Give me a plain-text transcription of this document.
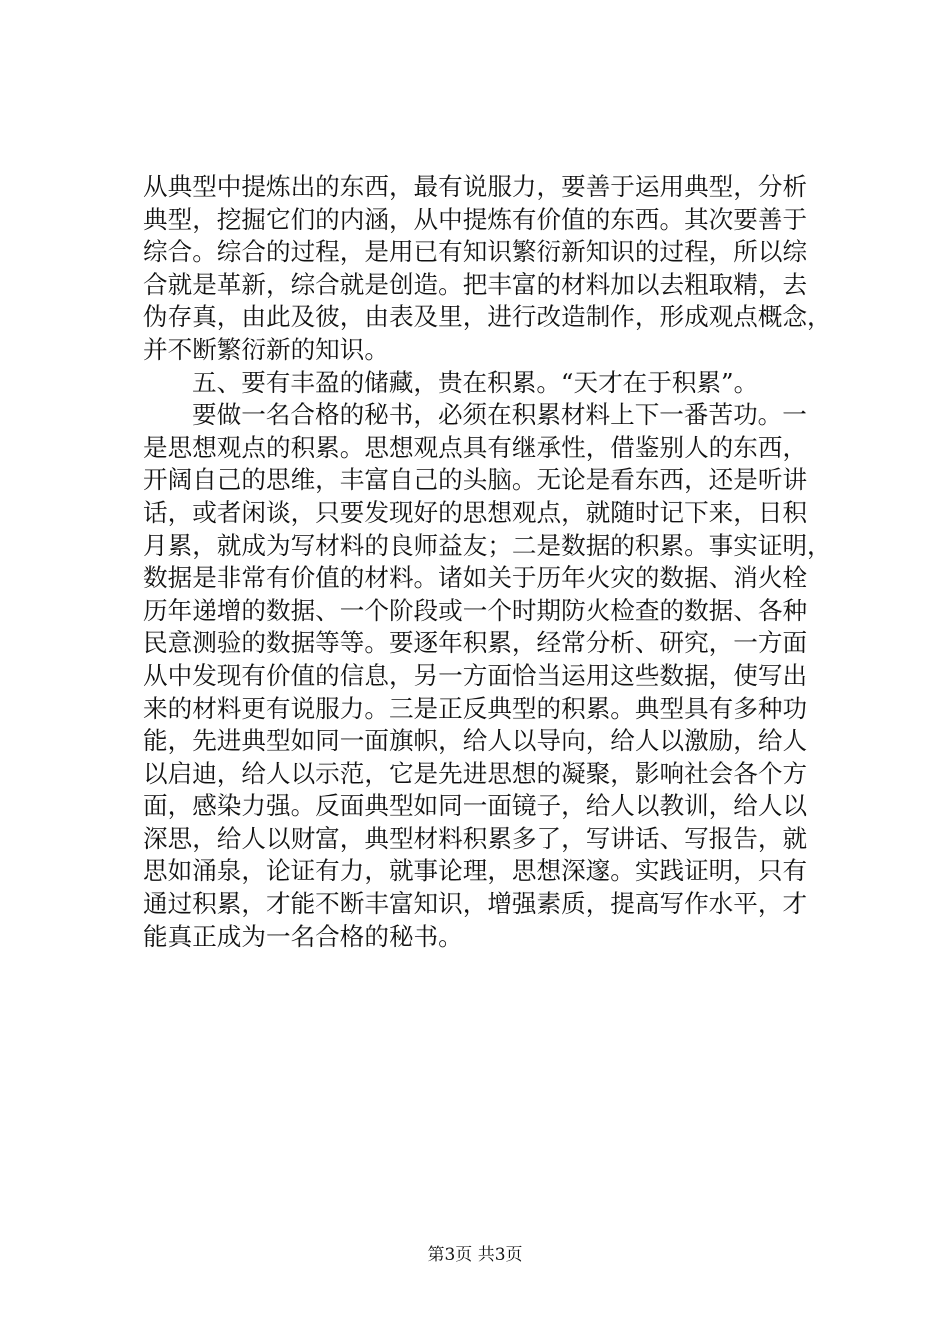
从典型中提炼出的东西，最有说服力，要善于运用典型，分析
典型，挖掘它们的内涵，从中提炼有价值的东西。其次要善于
综合。综合的过程，是用已有知识繁衍新知识的过程，所以综
合就是革新，综合就是创造。把丰富的材料加以去粗取精，去
伪存真，由此及彼，由表及里，进行改造制作，形成观点概念，
并不断繁衍新的知识。
五、要有丰盈的储藏，贵在积累。“天才在于积累”。
要做一名合格的秘书，必须在积累材料上下一番苦功。一
是思想观点的积累。思想观点具有继承性，借鉴别人的东西，
开阔自己的思维，丰富自己的头脑。无论是看东西，还是听讲
话，或者闲谈，只要发现好的思想观点，就随时记下来，日积
月累，就成为写材料的良师益友；二是数据的积累。事实证明，
数据是非常有价值的材料。诸如关于历年火灾的数据、消火栓
历年递增的数据、一个阶段或一个时期防火检查的数据、各种
民意测验的数据等等。要逐年积累，经常分析、研究，一方面
从中发现有价值的信息，另一方面恰当运用这些数据，使写出
来的材料更有说服力。三是正反典型的积累。典型具有多种功
能，先进典型如同一面旗帜，给人以导向，给人以激励，给人
以启迪，给人以示范，它是先进思想的凝聚，影响社会各个方
面，感染力强。反面典型如同一面镜子，给人以教训，给人以
深思，给人以财富，典型材料积累多了，写讲话、写报告，就
思如涌泉，论证有力，就事论理，思想深邃。实践证明，只有
通过积累，才能不断丰富知识，增强素质，提高写作水平，才
能真正成为一名合格的秘书。
第3页 共3页
